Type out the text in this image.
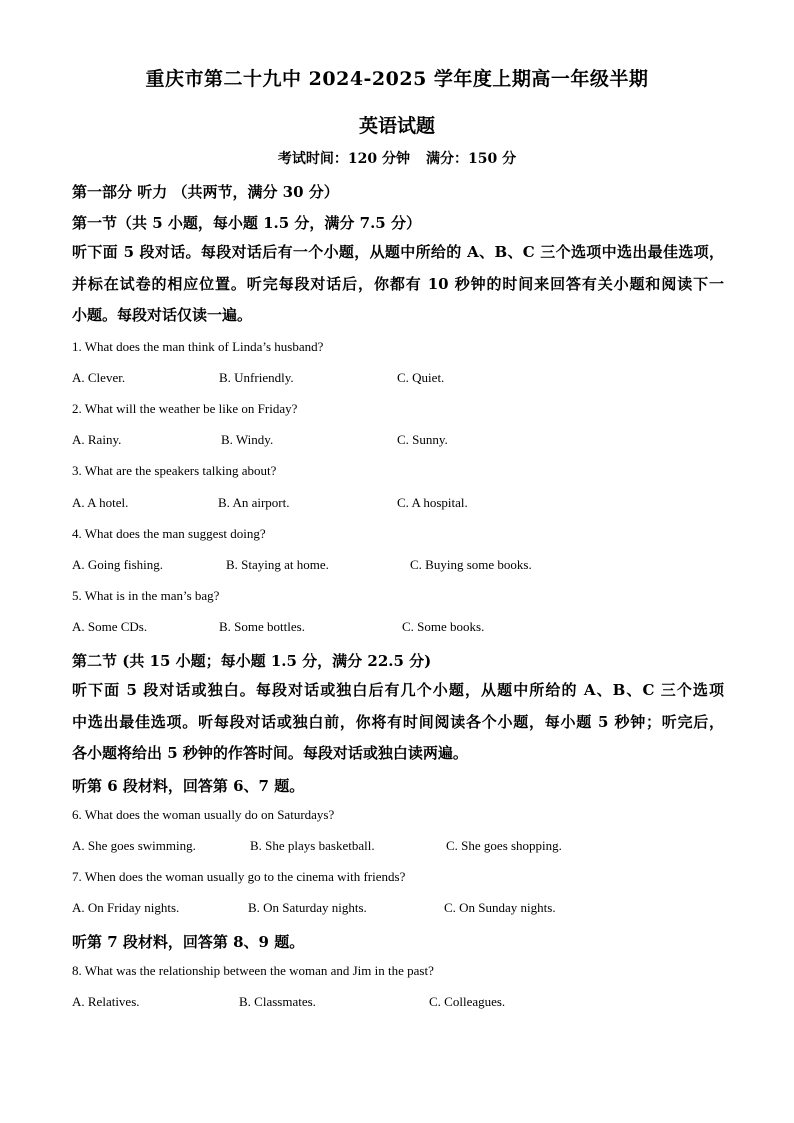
重庆市第二十九中 2024-2025 学年度上期高一年级半期
英语试题
考试时间：120 分钟 满分：150 分
第一部分 听力 （共两节，满分 30 分）
第一节（共 5 小题，每小题 1.5 分，满分 7.5 分）
听下面 5 段对话。每段对话后有一个小题，从题中所给的 A、B、C 三个选项中选出最佳选项，
并标在试卷的相应位置。听完每段对话后，你都有 10 秒钟的时间来回答有关小题和阅读下一
小题。每段对话仅读一遍。
1. What does the man think of Linda’s husband?
A. Clever.	B. Unfriendly.	C. Quiet.
2. What will the weather be like on Friday?
A. Rainy.	B. Windy.	C. Sunny.
3. What are the speakers talking about?
A. A hotel.	B. An airport.	C. A hospital.
4. What does the man suggest doing?
A. Going fishing.	B. Staying at home.	C. Buying some books.
5. What is in the man’s bag?
A. Some CDs.	B. Some bottles.	C. Some books.
第二节 (共 15 小题；每小题 1.5 分，满分 22.5 分)
听下面 5 段对话或独白。每段对话或独白后有几个小题，从题中所给的 A、B、C 三个选项
中选出最佳选项。听每段对话或独白前，你将有时间阅读各个小题，每小题 5 秒钟；听完后，
各小题将给出 5 秒钟的作答时间。每段对话或独白读两遍。
听第 6 段材料，回答第 6、7 题。
6. What does the woman usually do on Saturdays?
A. She goes swimming.	B. She plays basketball.	C. She goes shopping.
7. When does the woman usually go to the cinema with friends?
A. On Friday nights.	B. On Saturday nights.	C. On Sunday nights.
听第 7 段材料，回答第 8、9 题。
8. What was the relationship between the woman and Jim in the past?
A. Relatives.	B. Classmates.	C. Colleagues.
